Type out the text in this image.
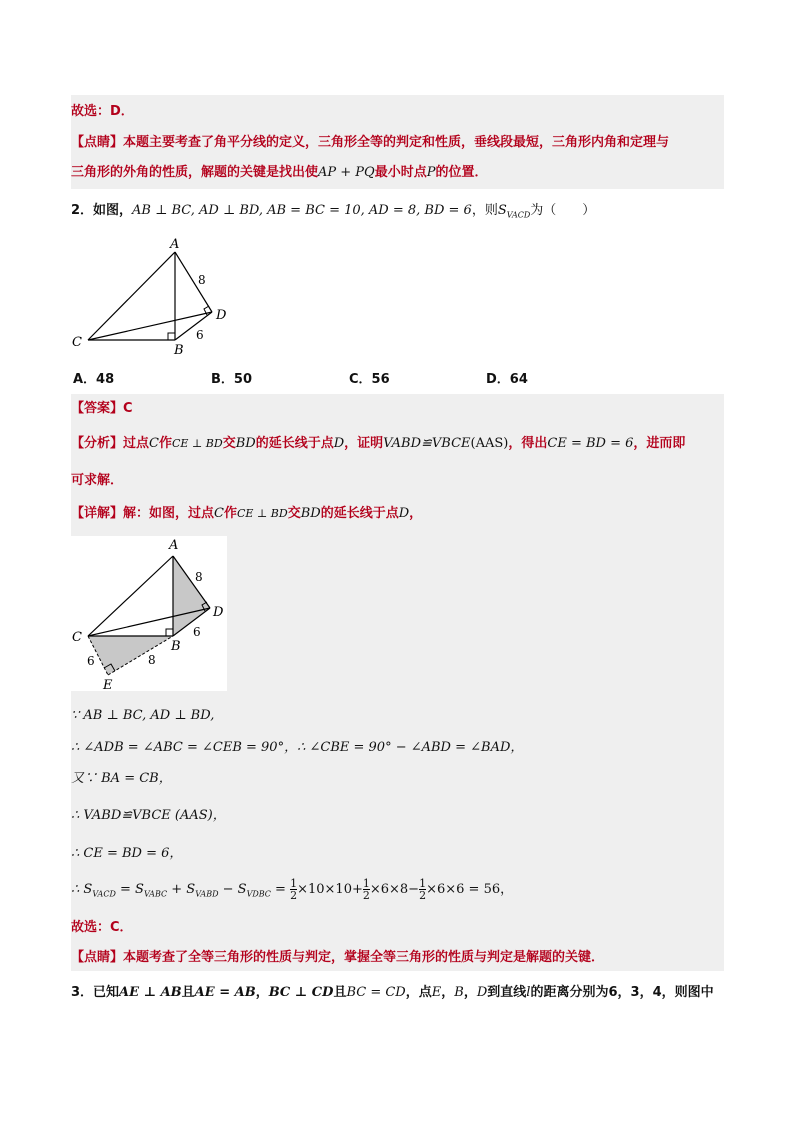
故选：D．
【点睛】本题主要考查了角平分线的定义，三角形全等的判定和性质，垂线段最短，三角形内角和定理与
三角形的外角的性质，解题的关键是找出使AP + PQ最小时点P的位置．
2．如图，AB ⊥ BC, AD ⊥ BD, AB = BC = 10, AD = 8, BD = 6，则$S_{VACD}$为（　　）
A
B
C
D
8
6
A．48	B．50	C．56	D．64
【答案】C
【分析】过点C作CE ⊥ BD交BD的延长线于点D，证明VABD≌VBCE(AAS)，得出CE = BD = 6，进而即
可求解．
【详解】解：如图，过点C作CE ⊥ BD交BD的延长线于点D，
A
B
C
D
E
8
6
6	8
∵ AB ⊥ BC, AD ⊥ BD,
∴ ∠ADB = ∠ABC = ∠CEB = 90°，∴ ∠CBE = 90° − ∠ABD = ∠BAD，
又∵ BA = CB，
∴ VABD≌VBCE (AAS)，
∴ CE = BD = 6，
∴ $S_{VACD} = S_{VABC} + S_{VABD} - S_{VDBC} = \frac{1}{2} \times 10\times 10+ \frac{1}{2} \times 6\times 8- \frac{1}{2} \times 6\times 6 = 56$，
故选：C．
【点睛】本题考查了全等三角形的性质与判定，掌握全等三角形的性质与判定是解题的关键．
3．已知AE ⊥ AB且AE = AB，BC ⊥ CD且BC = CD，点E，B，D到直线l的距离分别为6，3，4，则图中
